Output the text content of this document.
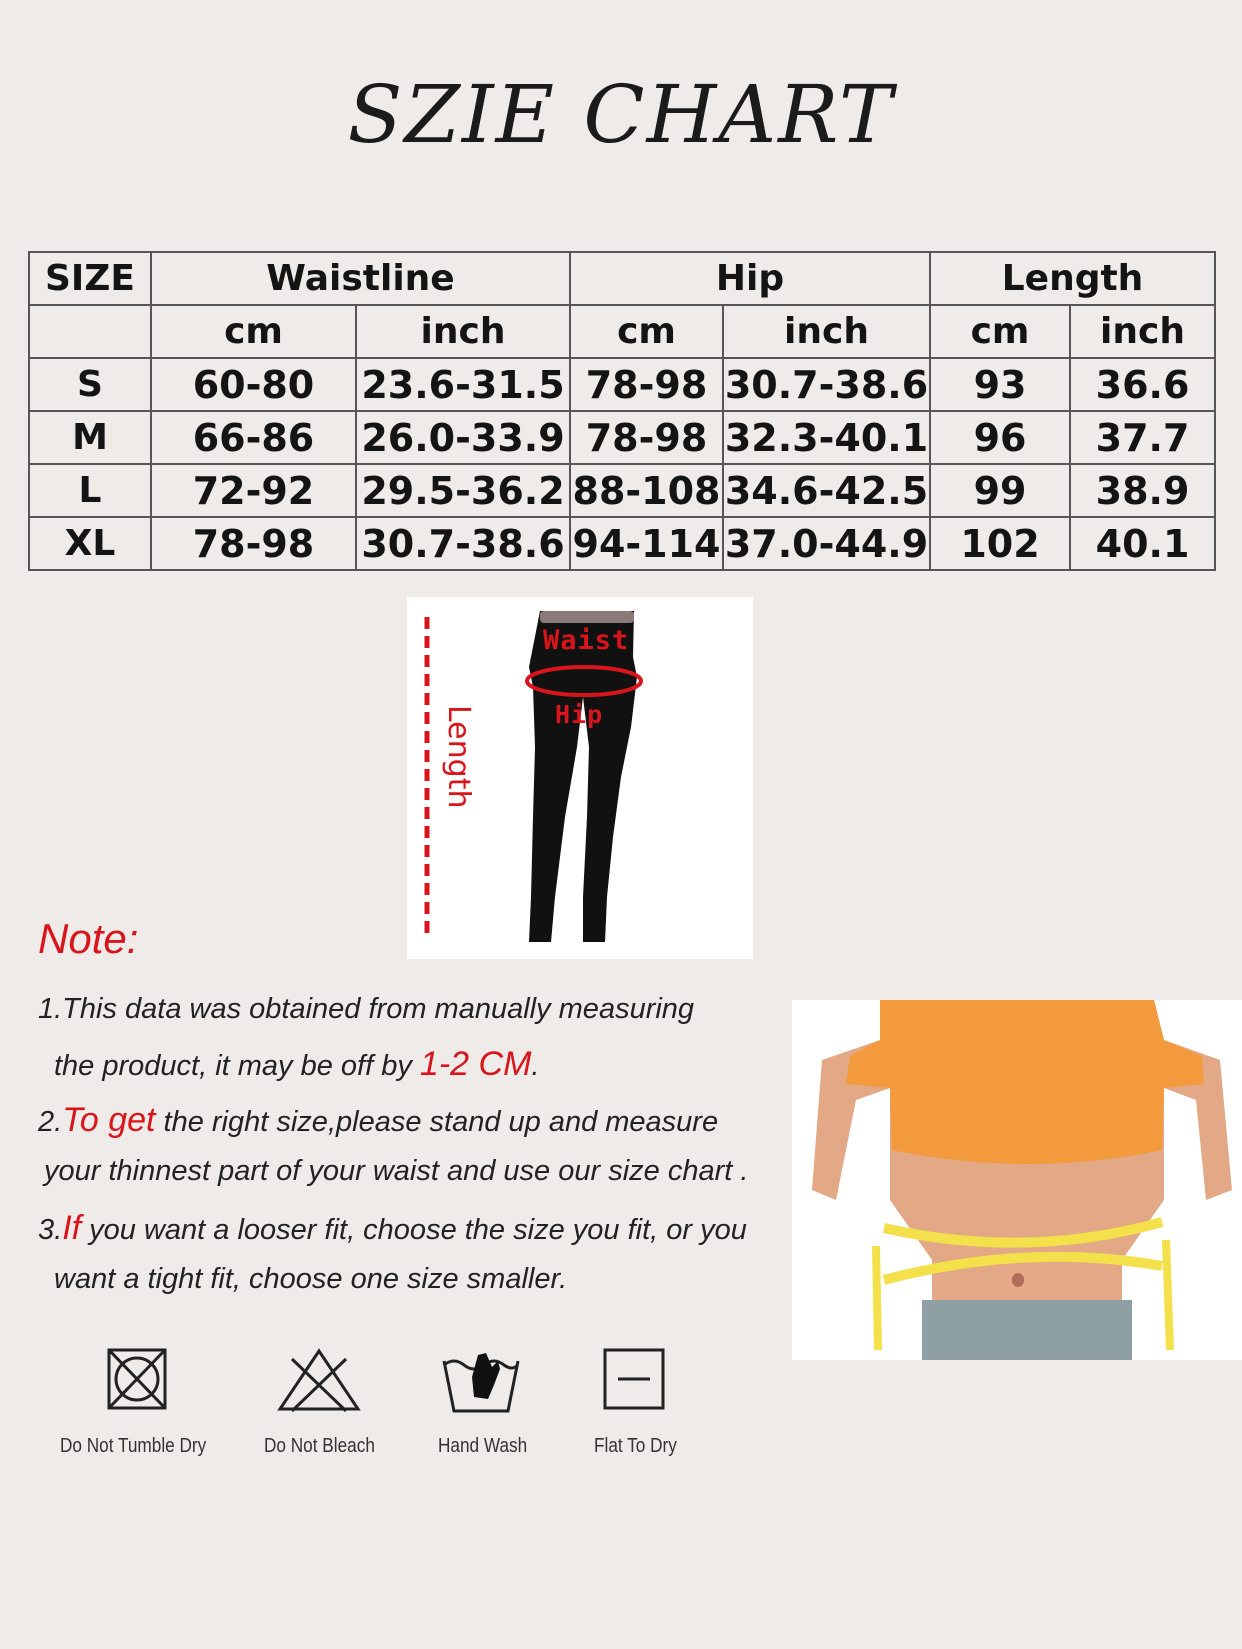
SZIE CHART
SIZE	Waistline		Hip		Length	
	cm	inch	cm	inch	cm	inch
S	60-80	23.6-31.5	78-98	30.7-38.6	93	36.6
M	66-86	26.0-33.9	78-98	32.3-40.1	96	37.7
L	72-92	29.5-36.2	88-108	34.6-42.5	99	38.9
XL	78-98	30.7-38.6	94-114	37.0-44.9	102	40.1
Waist
Hip
Length
Note:
1.This data was obtained from manually measuring
the product, it may be off by 1-2 CM.
2.To get the right size,please stand up and measure
your thinnest part of your waist and use our size chart .
3.If you want a looser fit, choose the size you fit, or you
want a tight fit, choose one size smaller.
Do Not Tumble Dry	Do Not Bleach	Hand Wash	Flat To Dry
